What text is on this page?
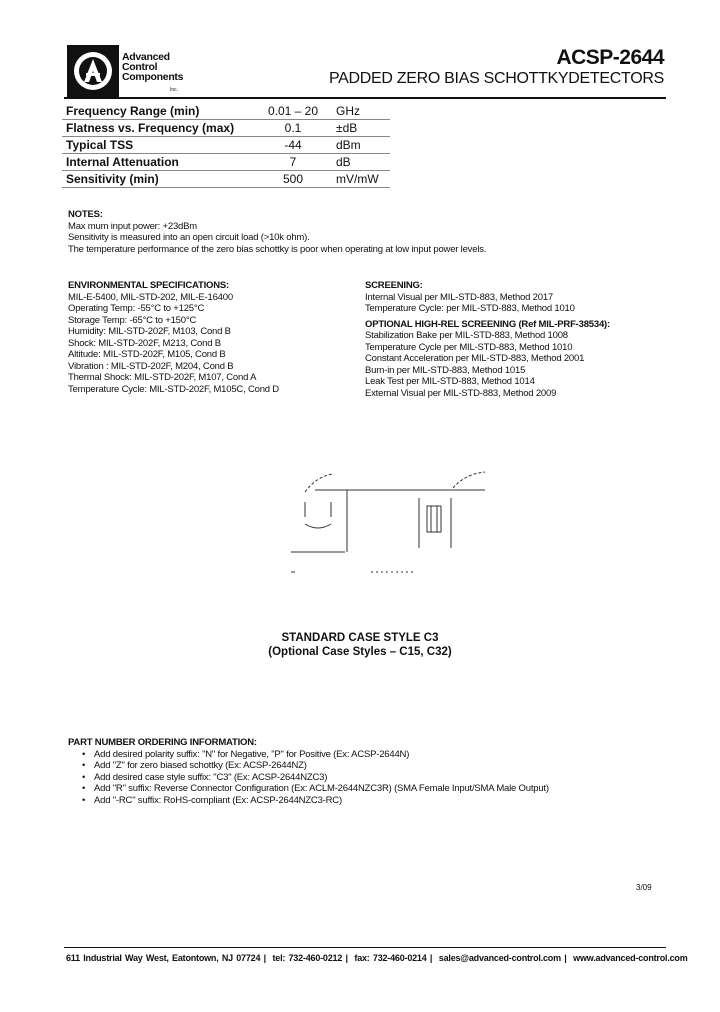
Advanced
Control
Components
Inc.
ACSP-2644
PADDED ZERO BIAS SCHOTTKYDETECTORS
Frequency Range (min)	0.01 – 20	GHz
Flatness vs. Frequency (max)	0.1	±dB
Typical TSS	-44	dBm
Internal Attenuation	7	dB
Sensitivity (min)	500	mV/mW
NOTES:
Max mum input power: +23dBm
Sensitivity is measured into an open circuit load (>10k ohm).
The temperature performance of the zero bias schottky is poor when operating at low input power levels.
ENVIRONMENTAL SPECIFICATIONS:
MIL-E-5400, MIL-STD-202, MIL-E-16400
Operating Temp: -55°C to +125°C
Storage Temp: -65°C to +150°C
Humidity: MIL-STD-202F, M103, Cond B
Shock: MIL-STD-202F, M213, Cond B
Altitude: MIL-STD-202F, M105, Cond B
Vibration : MIL-STD-202F, M204, Cond B
Thermal Shock: MIL-STD-202F, M107, Cond A
Temperature Cycle: MIL-STD-202F, M105C, Cond D
SCREENING:
Internal Visual per MIL-STD-883, Method 2017
Temperature Cycle: per MIL-STD-883, Method 1010
OPTIONAL HIGH-REL SCREENING (Ref MIL-PRF-38534):
Stabilization Bake per MIL-STD-883, Method 1008
Temperature Cycle per MIL-STD-883, Method 1010
Constant Acceleration per MIL-STD-883, Method 2001
Burn-in per MIL-STD-883, Method 1015
Leak Test per MIL-STD-883, Method 1014
External Visual per MIL-STD-883, Method 2009
STANDARD CASE STYLE C3
(Optional Case Styles – C15, C32)
PART NUMBER ORDERING INFORMATION:
• Add desired polarity suffix: "N" for Negative, "P" for Positive (Ex: ACSP-2644N)
• Add "Z" for zero biased schottky (Ex: ACSP-2644NZ)
• Add desired case style suffix: "C3" (Ex: ACSP-2644NZC3)
• Add "R" suffix: Reverse Connector Configuration (Ex: ACLM-2644NZC3R) (SMA Female Input/SMA Male Output)
• Add "-RC" suffix: RoHS-compliant (Ex: ACSP-2644NZC3-RC)
3/09
611 Industrial Way West, Eatontown, NJ 07724 |  tel: 732-460-0212 |  fax: 732-460-0214 |  sales@advanced-control.com |  www.advanced-control.com
